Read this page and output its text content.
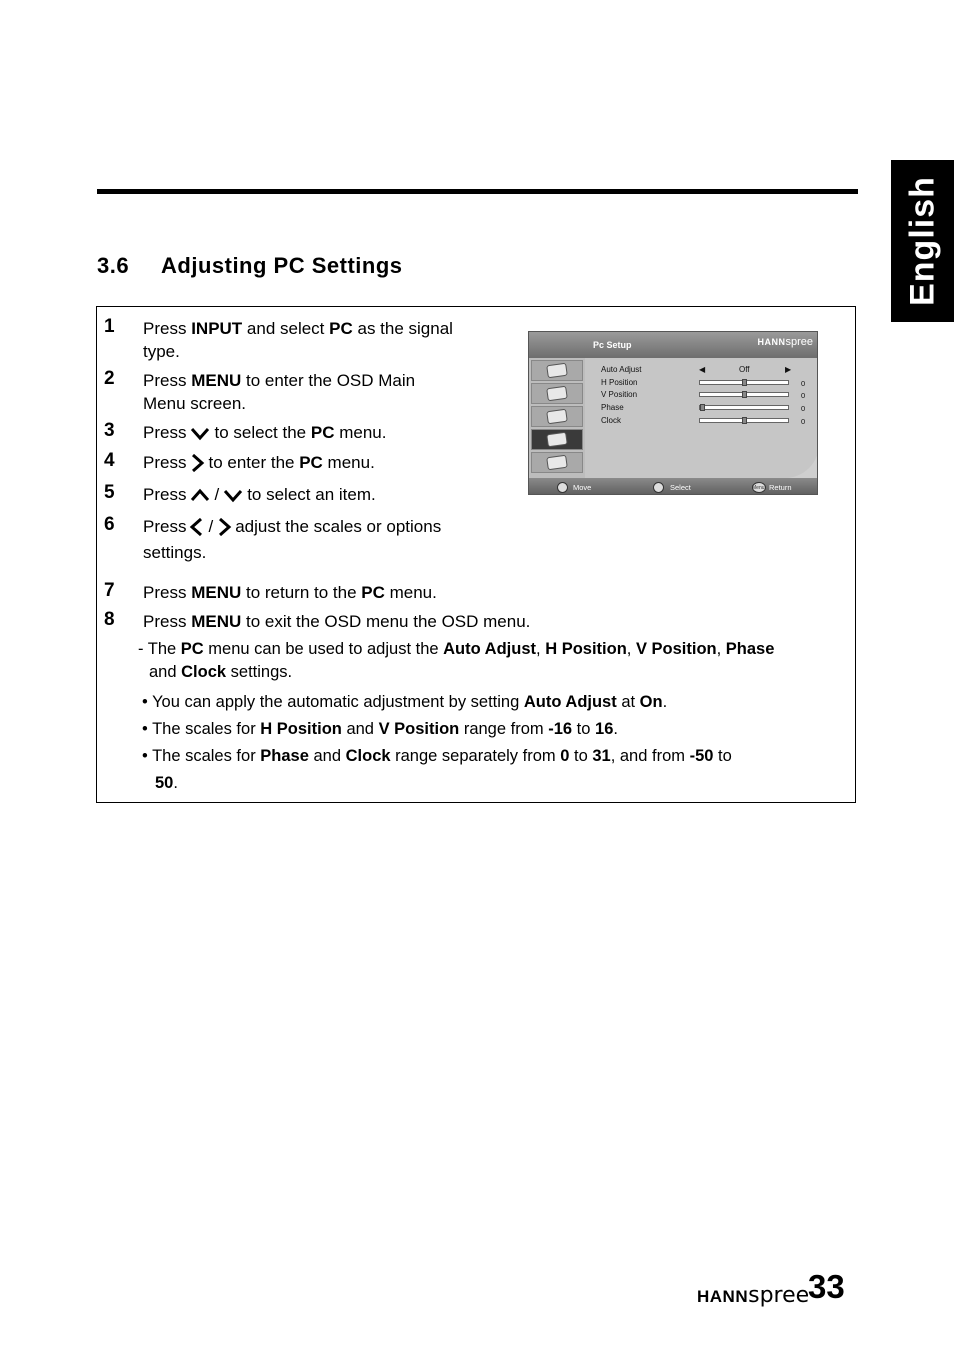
English
3.6 Adjusting PC Settings
1 Press INPUT and select PC as the signal
type.
2 Press MENU to enter the OSD Main
Menu screen.
3 Press to select the PC menu.
4 Press to enter the PC menu.
5 Press / to select an item.
6 Press / adjust the scales or options
settings.
7 Press MENU to return to the PC menu.
8 Press MENU to exit the OSD menu the OSD menu.
- The PC menu can be used to adjust the Auto Adjust, H Position, V Position, Phase
and Clock settings.
• You can apply the automatic adjustment by setting Auto Adjust at On.
• The scales for H Position and V Position range from -16 to 16.
• The scales for Phase and Clock range separately from 0 to 31, and from -50 to
50.
Pc Setup	HANNspree
Auto Adjust	◀	Off	▶
H Position	0
V Position	0
Phase	0
Clock	0
Move	Select	Menu Return
HANNspree
33
